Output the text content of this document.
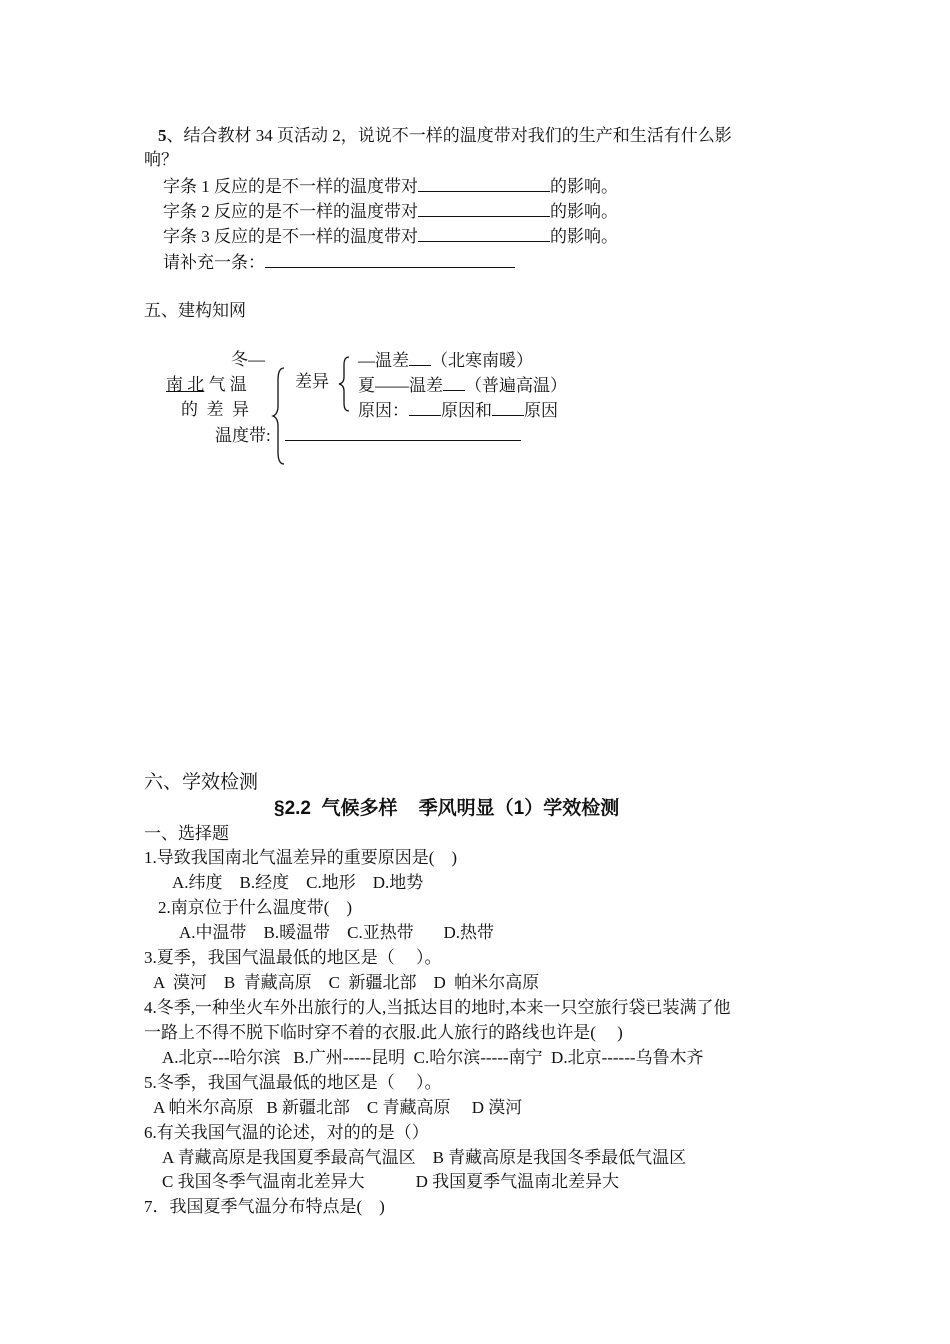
5、结合教材 34 页活动 2，说说不一样的温度带对我们的生产和生活有什么影
响？
字条 1 反应的是不一样的温度带对	的影响。
字条 2 反应的是不一样的温度带对	的影响。
字条 3 反应的是不一样的温度带对	的影响。
请补充一条：
五、建构知网
冬—
南 北 气 温
的  差  异
温度带:
差异
—温差 （北寒南暖）
夏——温差 （普遍高温）
原因： 原因和 原因
六、学效检测
§2.2  气候多样    季风明显（1）学效检测
一、选择题
1.导致我国南北气温差异的重要原因是(    )
A.纬度    B.经度    C.地形    D.地势
2.南京位于什么温度带(    )
A.中温带    B.暖温带    C.亚热带       D.热带
3.夏季，我国气温最低的地区是（     ）。
A  漠河    B  青藏高原    C  新疆北部    D  帕米尔高原
4.冬季,一种坐火车外出旅行的人,当抵达目的地时,本来一只空旅行袋已装满了他
一路上不得不脱下临时穿不着的衣服.此人旅行的路线也许是(     )
A.北京---哈尔滨   B.广州-----昆明  C.哈尔滨-----南宁  D.北京------乌鲁木齐
5.冬季，我国气温最低的地区是（     ）。
A 帕米尔高原   B 新疆北部    C 青藏高原     D 漠河
6.有关我国气温的论述，对的的是（）
A 青藏高原是我国夏季最高气温区    B 青藏高原是我国冬季最低气温区
C 我国冬季气温南北差异大            D 我国夏季气温南北差异大
7．我国夏季气温分布特点是(    )
